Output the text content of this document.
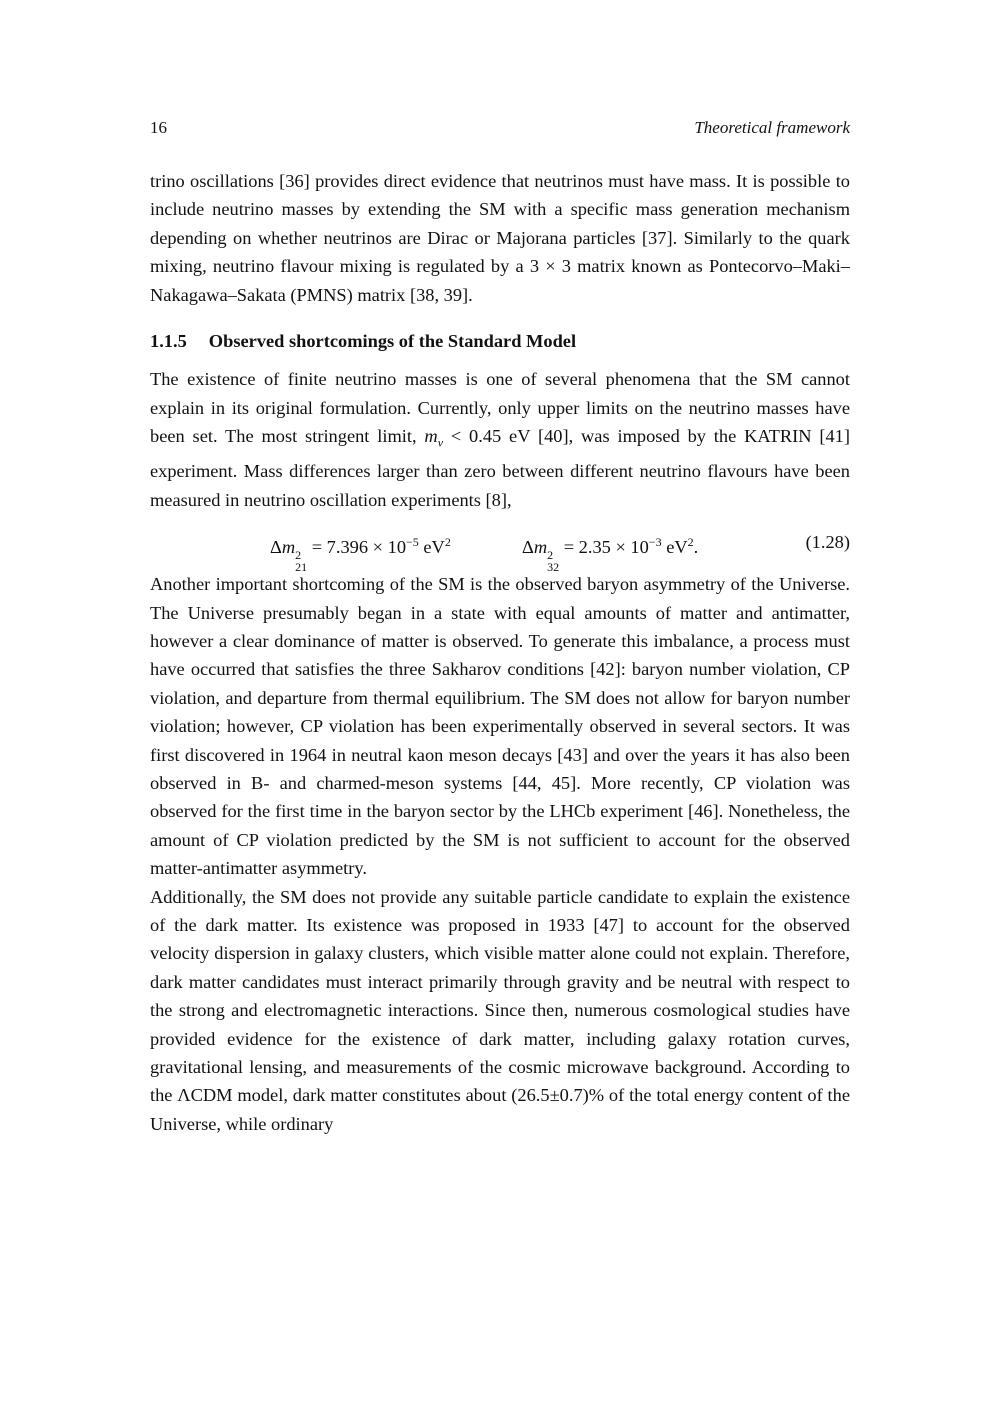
16	Theoretical framework

trino oscillations [36] provides direct evidence that neutrinos must have mass. It is possible to include neutrino masses by extending the SM with a specific mass generation mechanism depending on whether neutrinos are Dirac or Majorana particles [37]. Similarly to the quark mixing, neutrino flavour mixing is regulated by a 3 × 3 matrix known as Pontecorvo–Maki–Nakagawa–Sakata (PMNS) matrix [38, 39].

1.1.5 Observed shortcomings of the Standard Model

The existence of finite neutrino masses is one of several phenomena that the SM cannot explain in its original formulation. Currently, only upper limits on the neutrino masses have been set. The most stringent limit, $m_\nu < 0.45$ eV [40], was imposed by the KATRIN [41] experiment. Mass differences larger than zero between different neutrino flavours have been measured in neutrino oscillation experiments [8],

Δm 2
21
= $7.396 \times 10^{-5}$ $eV^2$	Δm 2
32
= $2.35 \times 10^{-3}$ $eV^2$.	(1.28)

Another important shortcoming of the SM is the observed baryon asymmetry of the Universe. The Universe presumably began in a state with equal amounts of matter and antimatter, however a clear dominance of matter is observed. To generate this imbalance, a process must have occurred that satisfies the three Sakharov conditions [42]: baryon number violation, CP violation, and departure from thermal equilibrium. The SM does not allow for baryon number violation; however, CP violation has been experimentally observed in several sectors. It was first discovered in 1964 in neutral kaon meson decays [43] and over the years it has also been observed in B- and charmed-meson systems [44, 45]. More recently, CP violation was observed for the first time in the baryon sector by the LHCb experiment [46]. Nonetheless, the amount of CP violation predicted by the SM is not sufficient to account for the observed matter-antimatter asymmetry.

Additionally, the SM does not provide any suitable particle candidate to explain the existence of the dark matter. Its existence was proposed in 1933 [47] to account for the observed velocity dispersion in galaxy clusters, which visible matter alone could not explain. Therefore, dark matter candidates must interact primarily through gravity and be neutral with respect to the strong and electromagnetic interactions. Since then, numerous cosmological studies have provided evidence for the existence of dark matter, including galaxy rotation curves, gravitational lensing, and measurements of the cosmic microwave background. According to the ΛCDM model, dark matter constitutes about (26.5±0.7)% of the total energy content of the Universe, while ordinary
